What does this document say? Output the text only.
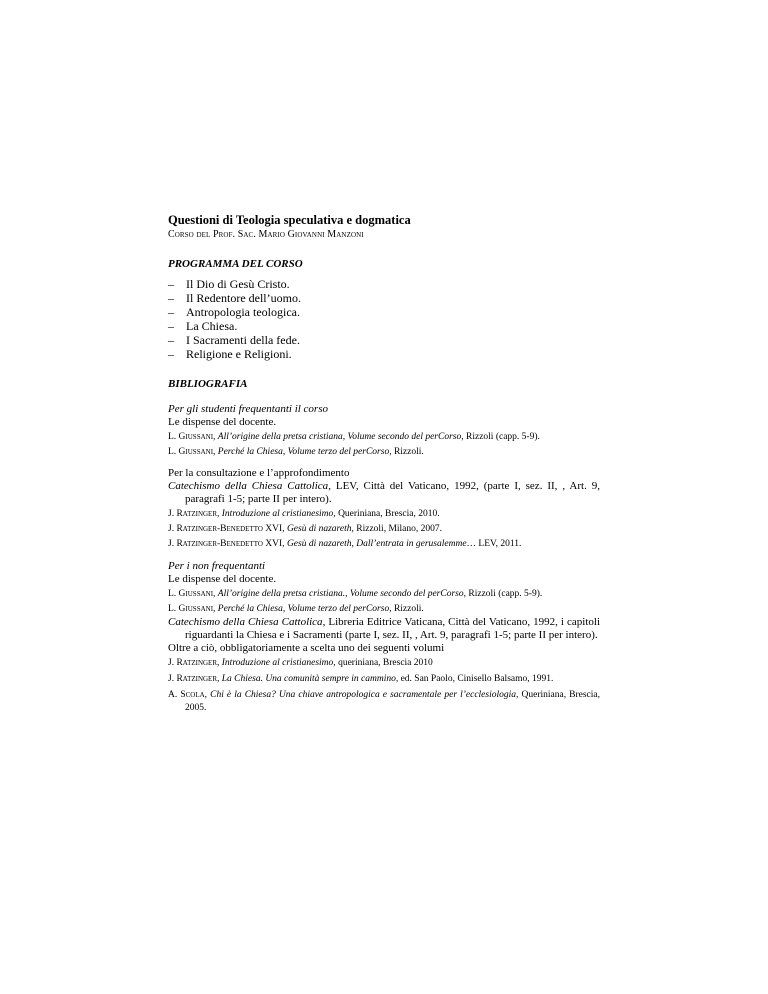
Questioni di Teologia speculativa e dogmatica
Corso del Prof. Sac. Mario Giovanni Manzoni
PROGRAMMA DEL CORSO
–	Il Dio di Gesù Cristo.
–	Il Redentore dell’uomo.
–	Antropologia teologica.
–	La Chiesa.
–	I Sacramenti della fede.
–	Religione e Religioni.
BIBLIOGRAFIA
Per gli studenti frequentanti il corso
Le dispense del docente.
L. Giussani, All’origine della pretsa cristiana, Volume secondo del perCorso, Rizzoli (capp. 5-9).
L. Giussani, Perché la Chiesa, Volume terzo del perCorso, Rizzoli.
Per la consultazione e l’approfondimento
Catechismo della Chiesa Cattolica, LEV, Città del Vaticano, 1992, (parte I, sez. II, , Art. 9, paragrafi 1-5; parte II per intero).
J. Ratzinger, Introduzione al cristianesimo, Queriniana, Brescia, 2010.
J. Ratzinger-Benedetto XVI, Gesù di nazareth, Rizzoli, Milano, 2007.
J. Ratzinger-Benedetto XVI, Gesù di nazareth, Dall’entrata in gerusalemme… LEV, 2011.
Per i non frequentanti
Le dispense del docente.
L. Giussani, All’origine della pretsa cristiana., Volume secondo del perCorso, Rizzoli (capp. 5-9).
L. Giussani, Perché la Chiesa, Volume terzo del perCorso, Rizzoli.
Catechismo della Chiesa Cattolica, Libreria Editrice Vaticana, Città del Vaticano, 1992, i capitoli riguardanti la Chiesa e i Sacramenti (parte I, sez. II, , Art. 9, paragrafi 1-5; parte II per intero).
Oltre a ciò, obbligatoriamente a scelta uno dei seguenti volumi
J. Ratzinger, Introduzione al cristianesimo, queriniana, Brescia 2010
J. Ratzinger, La Chiesa. Una comunità sempre in cammino, ed. San Paolo, Cinisello Balsamo, 1991.
A. Scola, Chi è la Chiesa? Una chiave antropologica e sacramentale per l’ecclesiologia, Queriniana, Brescia, 2005.
